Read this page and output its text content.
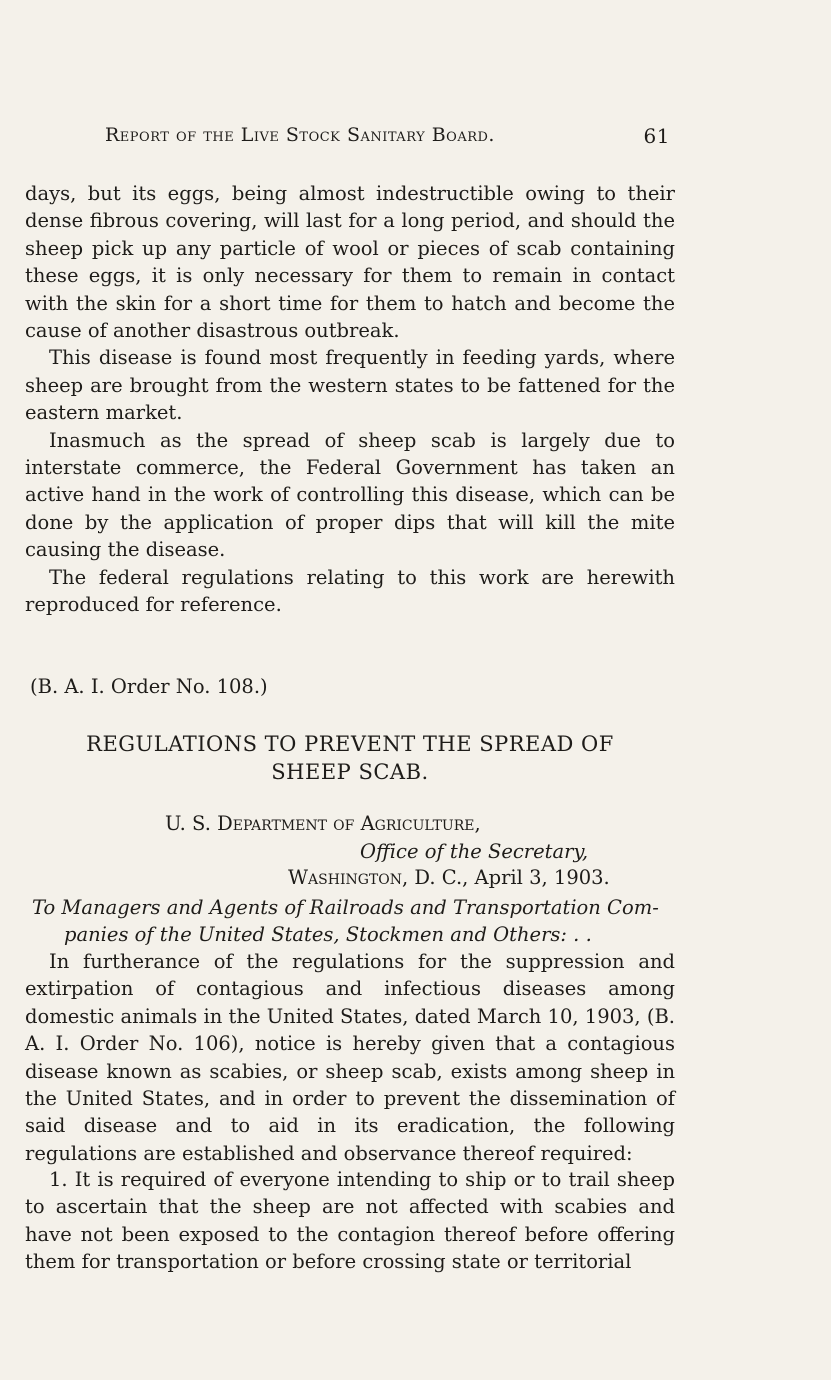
Report of the Live Stock Sanitary Board.	61

days, but its eggs, being almost indestructible owing to their dense fibrous covering, will last for a long period, and should the sheep pick up any particle of wool or pieces of scab containing these eggs, it is only necessary for them to remain in contact with the skin for a short time for them to hatch and become the cause of another disastrous outbreak.

This disease is found most frequently in feeding yards, where sheep are brought from the western states to be fattened for the eastern market.

Inasmuch as the spread of sheep scab is largely due to interstate commerce, the Federal Government has taken an active hand in the work of controlling this disease, which can be done by the application of proper dips that will kill the mite causing the disease.

The federal regulations relating to this work are herewith reproduced for reference.

(B. A. I. Order No. 108.)
REGULATIONS TO PREVENT THE SPREAD OF
SHEEP SCAB.
U. S. Department of Agriculture,
Office of the Secretary,
Washington, D. C., April 3, 1903.
To Managers and Agents of Railroads and Transportation Com-
panies of the United States, Stockmen and Others: . .

In furtherance of the regulations for the suppression and extirpation of contagious and infectious diseases among domestic animals in the United States, dated March 10, 1903, (B. A. I. Order No. 106), notice is hereby given that a contagious disease known as scabies, or sheep scab, exists among sheep in the United States, and in order to prevent the dissemination of said disease and to aid in its eradication, the following regulations are established and observance thereof required:

1. It is required of everyone intending to ship or to trail sheep to ascertain that the sheep are not affected with scabies and have not been exposed to the contagion thereof before offering them for transportation or before crossing state or territorial
